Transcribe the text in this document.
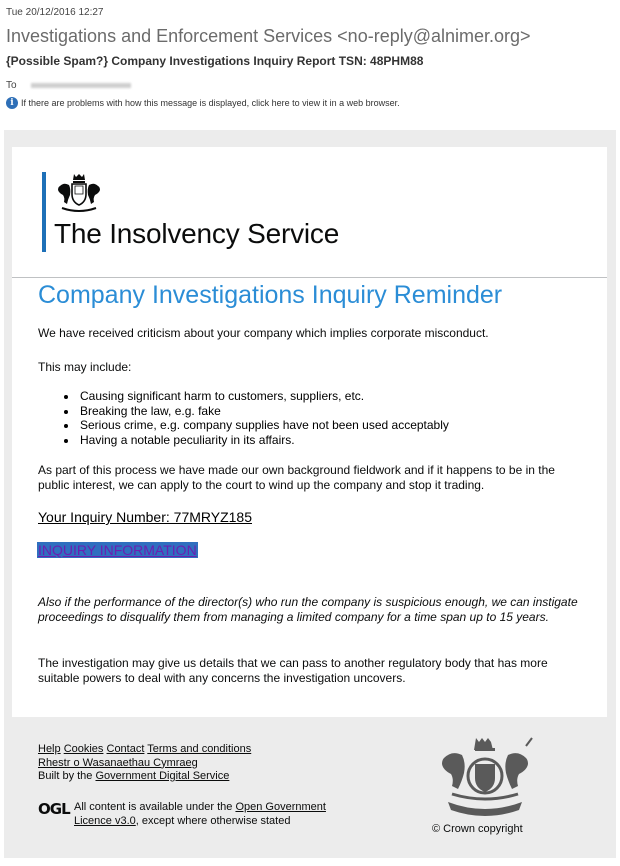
Tue 20/12/2016 12:27
Investigations and Enforcement Services <no-reply@alnimer.org>
{Possible Spam?} Company Investigations Inquiry Report TSN: 48PHM88
To
i If there are problems with how this message is displayed, click here to view it in a web browser.
The Insolvency Service
Company Investigations Inquiry Reminder
We have received criticism about your company which implies corporate misconduct.
This may include:
• Causing significant harm to customers, suppliers, etc.
• Breaking the law, e.g. fake
• Serious crime, e.g. company supplies have not been used acceptably
• Having a notable peculiarity in its affairs.
As part of this process we have made our own background fieldwork and if it happens to be in the public interest, we can apply to the court to wind up the company and stop it trading.
Your Inquiry Number: 77MRYZ185
INQUIRY INFORMATION
Also if the performance of the director(s) who run the company is suspicious enough, we can instigate proceedings to disqualify them from managing a limited company for a time span up to 15 years.
The investigation may give us details that we can pass to another regulatory body that has more suitable powers to deal with any concerns the investigation uncovers.
Help Cookies Contact Terms and conditions
Rhestr o Wasanaethau Cymraeg
Built by the Government Digital Service
OGL All content is available under the Open Government Licence v3.0, except where otherwise stated
© Crown copyright
